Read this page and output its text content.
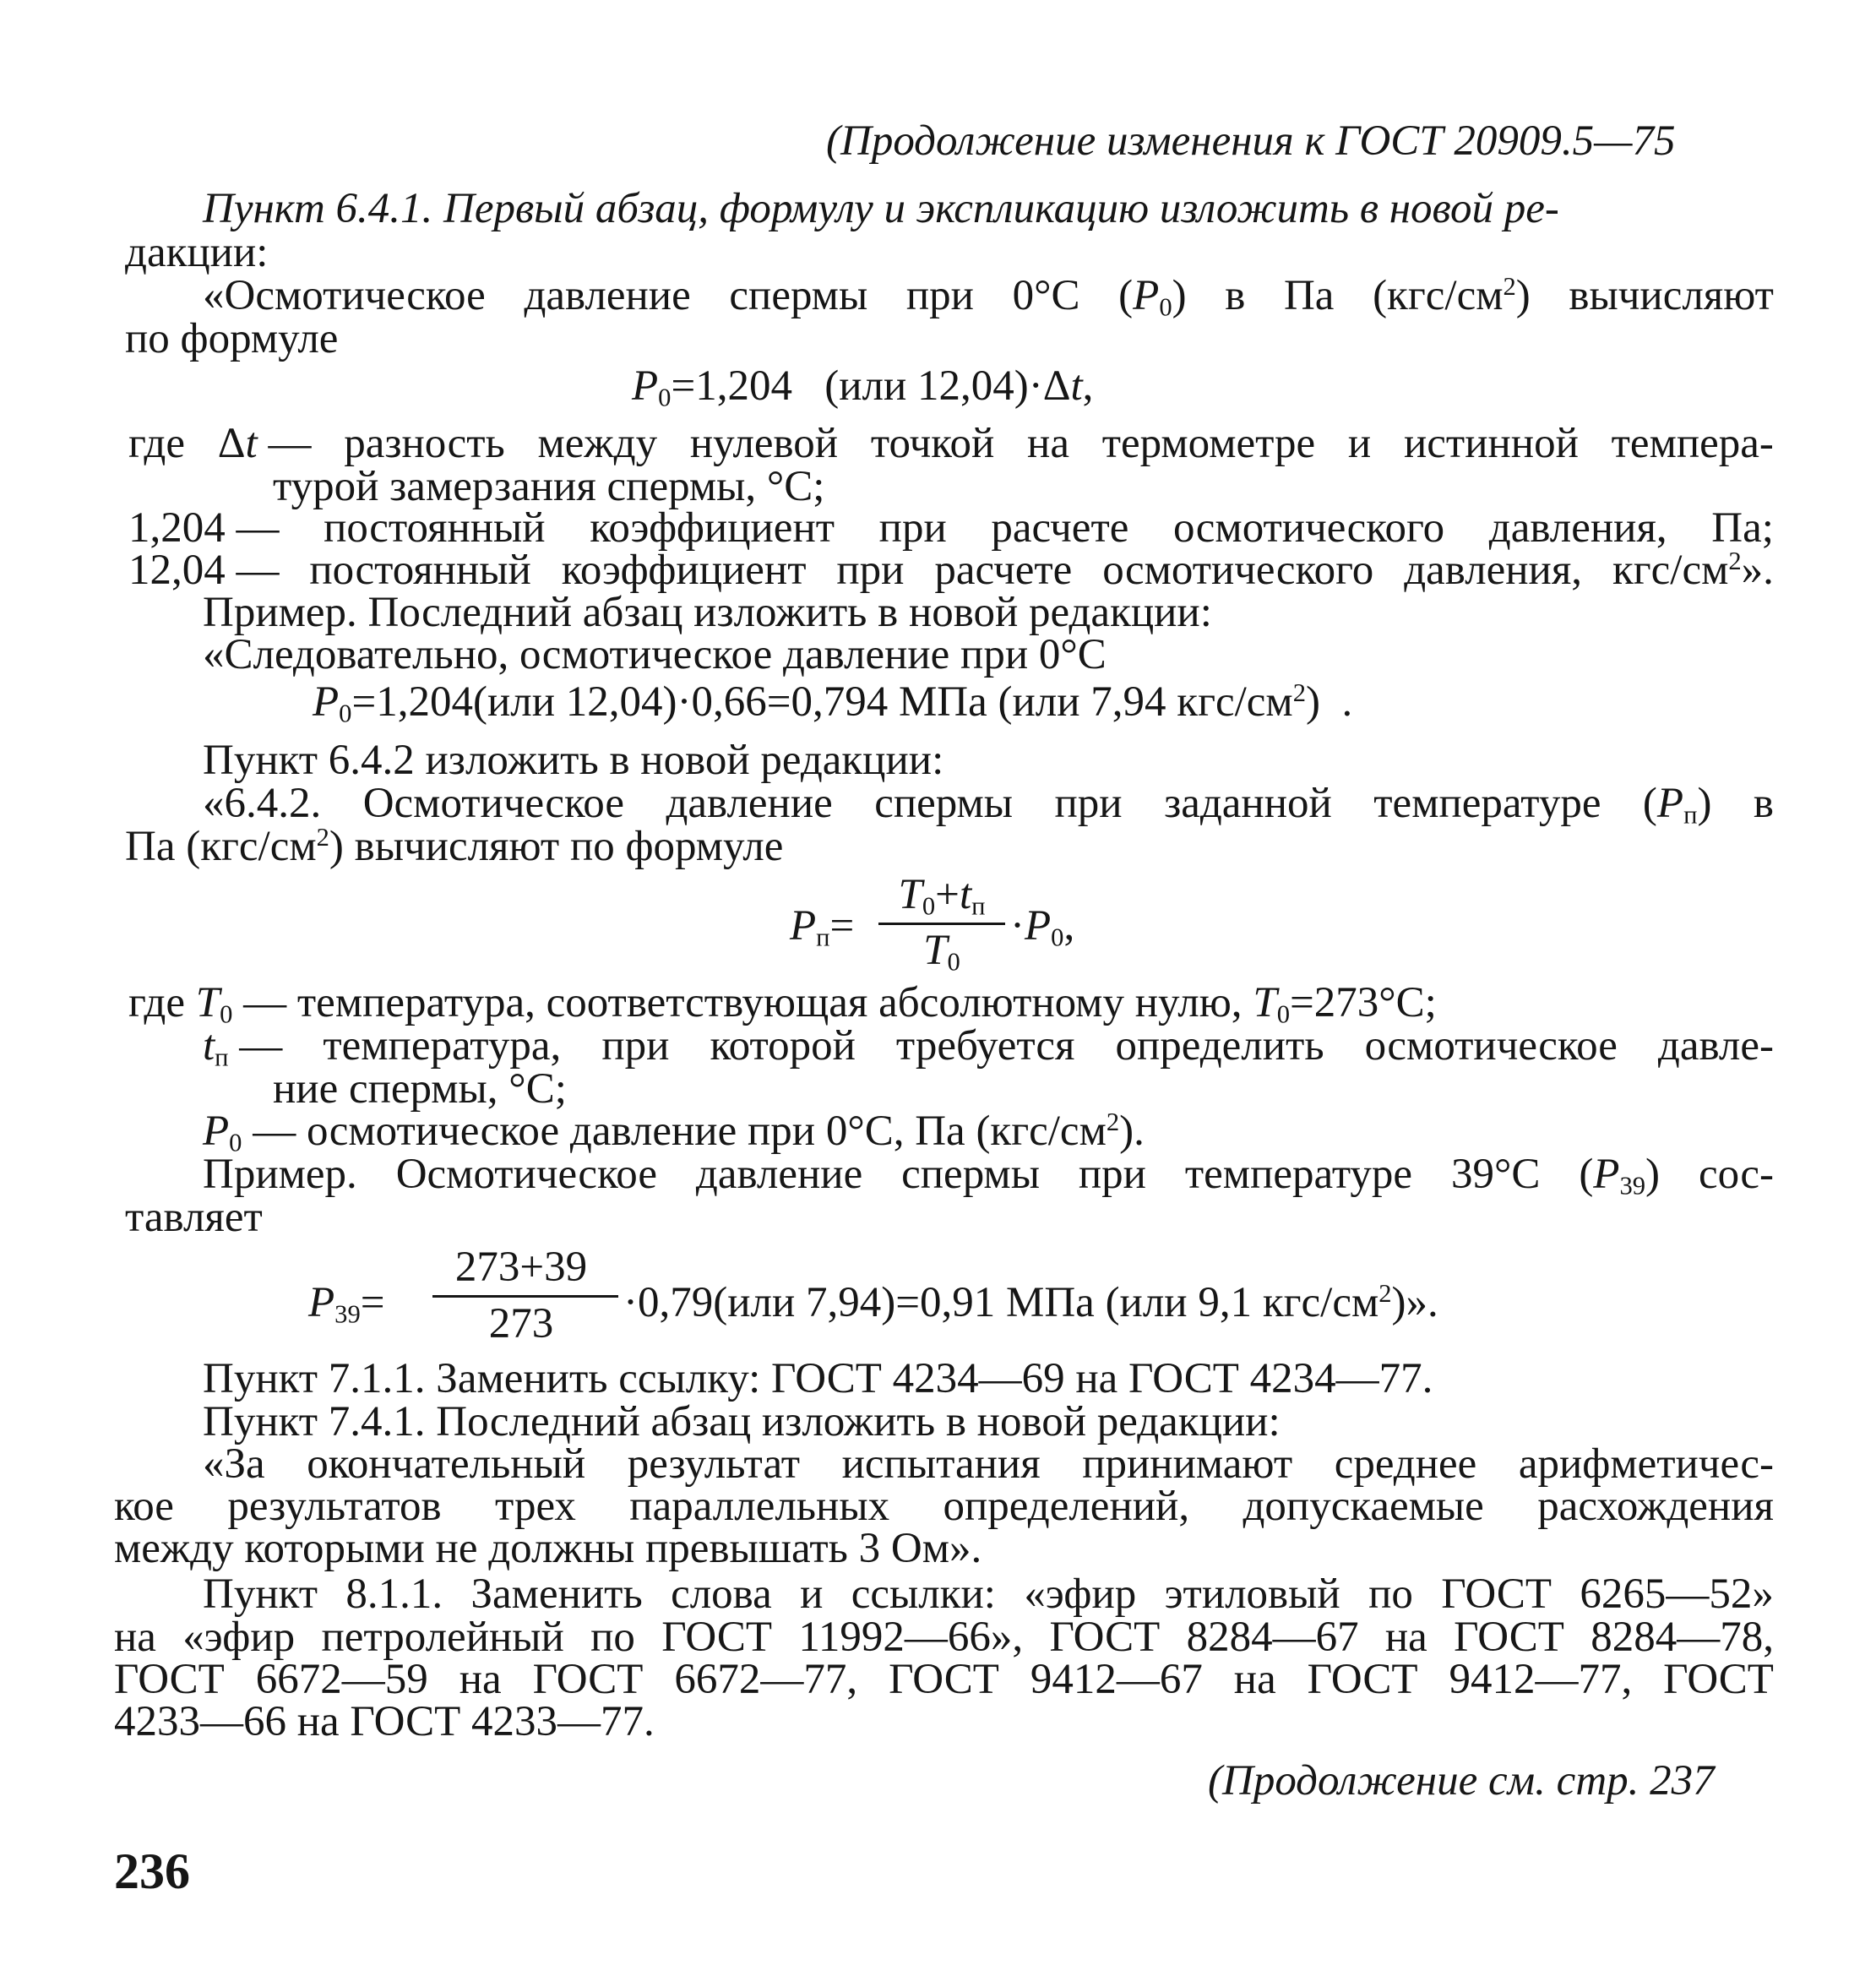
(Продолжение изменения к ГОСТ 20909.5—75
Пункт 6.4.1. Первый абзац, формулу и экспликацию изложить в новой ре-
дакции:
«Осмотическое давление спермы при 0°C $(P_0)$ в Па $(кгс/см^2)$ вычисляют
по формуле
$P_0=1,204$   (или 12,04)·Δt,
где Δt — разность между нулевой точкой на термометре и истинной темпера-
турой замерзания спермы, °C;
1,204 — постоянный коэффициент при расчете осмотического давления, Па;
12,04 — постоянный коэффициент при расчете осмотического давления, кгс/$см^2$».
Пример. Последний абзац изложить в новой редакции:
«Следовательно, осмотическое давление при 0°C
$P_0=1,204(или$ 12,04)·0,66=0,794 МПа (или 7,94 кгс/$см^2$)  .
Пункт 6.4.2 изложить в новой редакции:
«6.4.2. Осмотическое давление спермы при заданной температуре $(P_п)$ в
Па $(кгс/см^2)$ вычисляют по формуле
$P_п=$
$T_0+t_п$
$T_0$
$\cdot P_0$,
где $T_0$ — температура, соответствующая абсолютному нулю, $T_0=273^\circ C$;
$t_п$ — температура, при которой требуется определить осмотическое давле-
ние спермы, °C;
$P_0$ — осмотическое давление при 0°C, Па $(кгс/см^2)$.
Пример. Осмотическое давление спермы при температуре 39°C $(P_{39})$ сос-
тавляет
$P_{39}=$
273+39
273	·0,79(или 7,94)=0,91 МПа (или 9,1 кгс/$см^2$)».
Пункт 7.1.1. Заменить ссылку: ГОСТ 4234—69 на ГОСТ 4234—77.
Пункт 7.4.1. Последний абзац изложить в новой редакции:
«За окончательный результат испытания принимают среднее арифметичес-
кое результатов трех параллельных определений, допускаемые расхождения
между которыми не должны превышать 3 Ом».
Пункт 8.1.1. Заменить слова и ссылки: «эфир этиловый по ГОСТ 6265—52»
на «эфир петролейный по ГОСТ 11992—66», ГОСТ 8284—67 на ГОСТ 8284—78,
ГОСТ 6672—59 на ГОСТ 6672—77, ГОСТ 9412—67 на ГОСТ 9412—77, ГОСТ
4233—66 на ГОСТ 4233—77.
(Продолжение см. стр. 237
236
